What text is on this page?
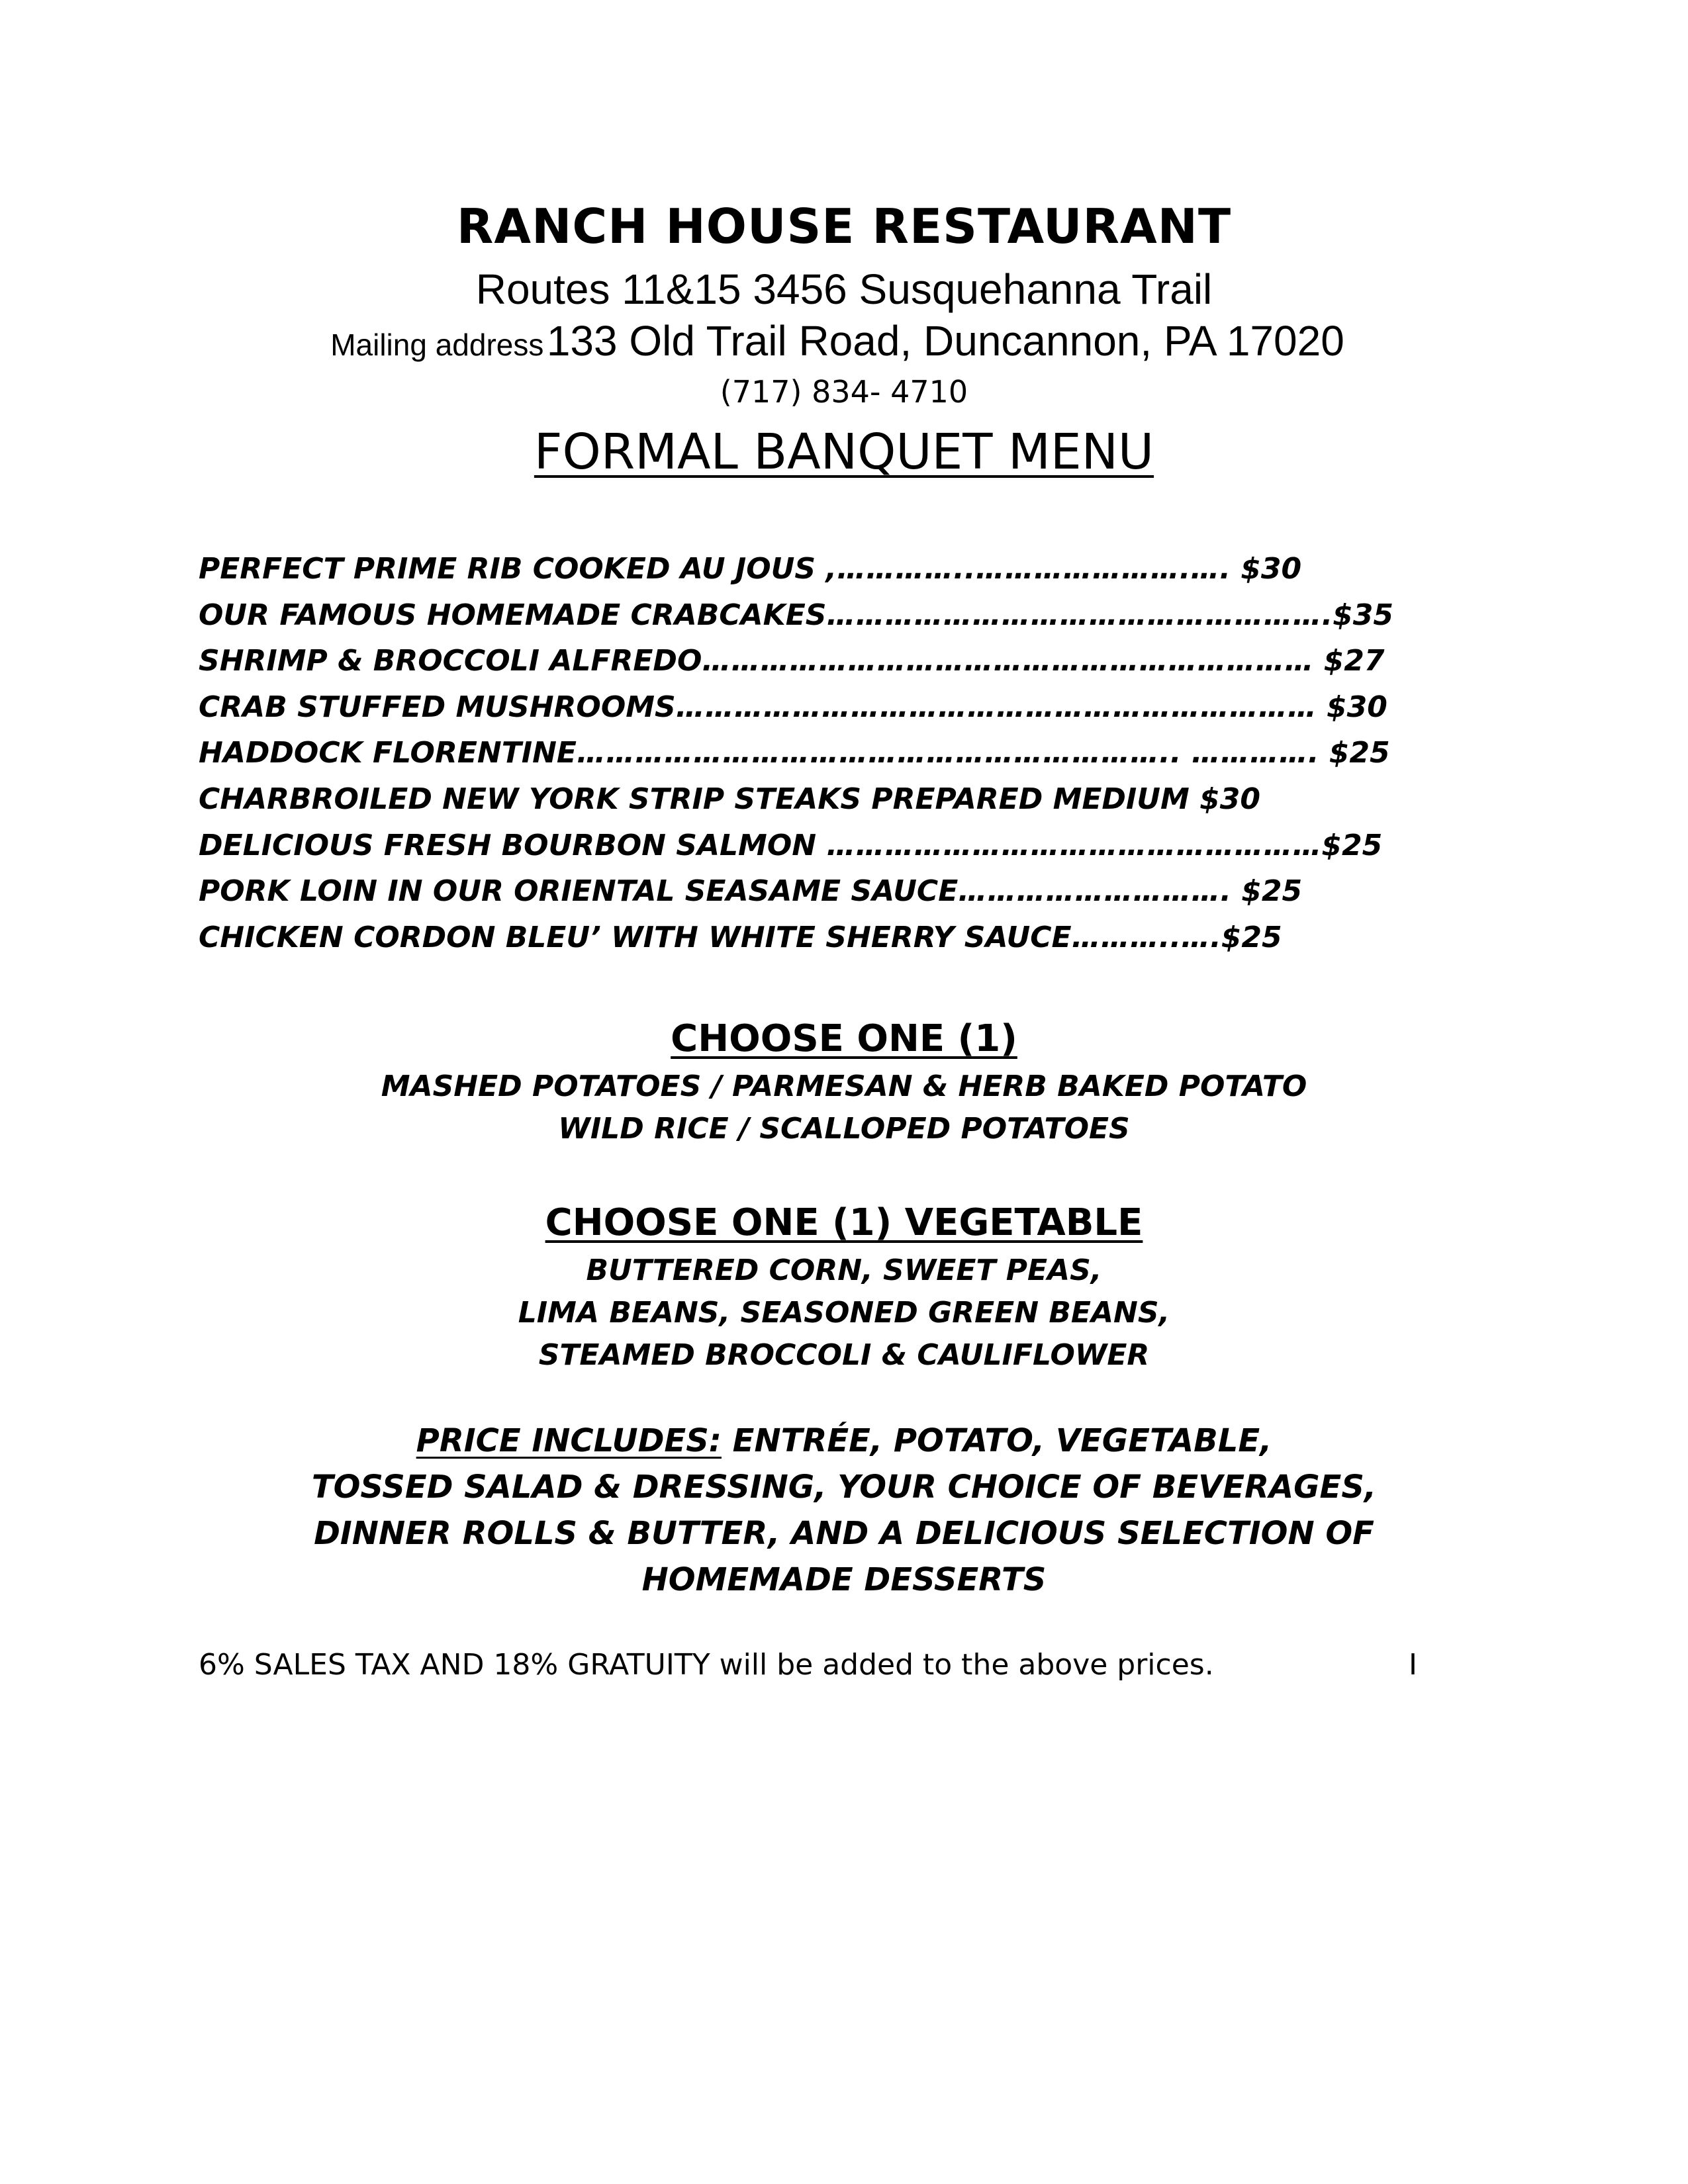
RANCH HOUSE RESTAURANT
Routes 11&15 3456 Susquehanna Trail
Mailing address 133 Old Trail Road, Duncannon, PA 17020
(717) 834- 4710
FORMAL BANQUET MENU
PERFECT PRIME RIB COOKED AU JOUS ,…………..………………….…. $30
OUR FAMOUS HOMEMADE CRABCAKES…………………………………………….$35
SHRIMP & BROCCOLI ALFREDO……………………………………………………… $27
CRAB STUFFED MUSHROOMS………………………………………………………… $30
HADDOCK FLORENTINE…………………………………………………….. …………. $25
CHARBROILED NEW YORK STRIP STEAKS PREPARED MEDIUM $30
DELICIOUS FRESH BOURBON SALMON ……………………………………………$25
PORK LOIN IN OUR ORIENTAL SEASAME SAUCE………………………. $25
CHICKEN CORDON BLEU’ WITH WHITE SHERRY SAUCE………..….$25
CHOOSE ONE (1)
MASHED POTATOES / PARMESAN & HERB BAKED POTATO
WILD RICE / SCALLOPED POTATOES
CHOOSE ONE (1) VEGETABLE
BUTTERED CORN, SWEET PEAS,
LIMA BEANS, SEASONED GREEN BEANS,
STEAMED BROCCOLI & CAULIFLOWER
PRICE INCLUDES: ENTRÉE, POTATO, VEGETABLE,
TOSSED SALAD & DRESSING, YOUR CHOICE OF BEVERAGES,
DINNER ROLLS & BUTTER, AND A DELICIOUS SELECTION OF
HOMEMADE DESSERTS
6% SALES TAX AND 18% GRATUITY will be added to the above prices.	I
